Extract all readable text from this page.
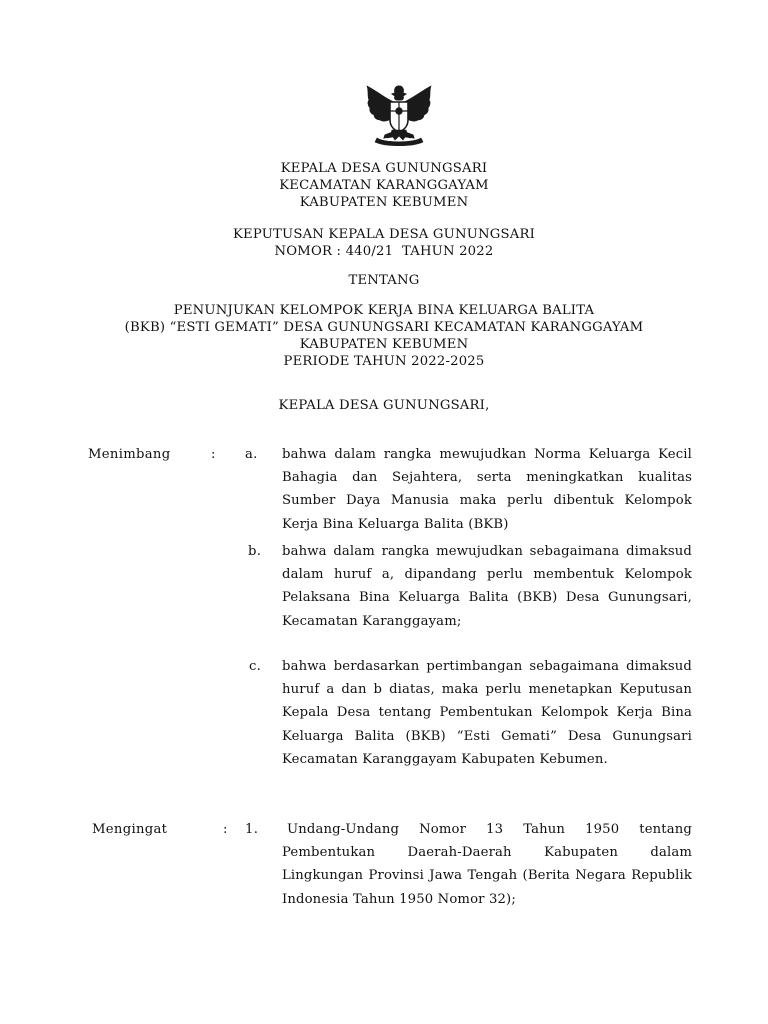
KEPALA DESA GUNUNGSARI
KECAMATAN KARANGGAYAM
KABUPATEN KEBUMEN
KEPUTUSAN KEPALA DESA GUNUNGSARI
NOMOR : 440/21  TAHUN 2022
TENTANG
PENUNJUKAN KELOMPOK KERJA BINA KELUARGA BALITA
(BKB) “ESTI GEMATI” DESA GUNUNGSARI KECAMATAN KARANGGAYAM
KABUPATEN KEBUMEN
PERIODE TAHUN 2022-2025
KEPALA DESA GUNUNGSARI,
Menimbang	: a. bahwa dalam rangka mewujudkan Norma Keluarga Kecil Bahagia dan Sejahtera, serta meningkatkan kualitas Sumber Daya Manusia maka perlu dibentuk Kelompok Kerja Bina Keluarga Balita (BKB)
b. bahwa dalam rangka mewujudkan sebagaimana dimaksud dalam huruf a, dipandang perlu membentuk Kelompok Pelaksana Bina Keluarga Balita (BKB) Desa Gunungsari, Kecamatan Karanggayam;
c. bahwa berdasarkan pertimbangan sebagaimana dimaksud huruf a dan b diatas, maka perlu menetapkan Keputusan Kepala Desa tentang Pembentukan Kelompok Kerja Bina Keluarga Balita (BKB) “Esti Gemati” Desa Gunungsari Kecamatan Karanggayam Kabupaten Kebumen.
Mengingat	: 1.	Undang-Undang Nomor 13 Tahun 1950 tentang Pembentukan Daerah-Daerah Kabupaten dalam Lingkungan Provinsi Jawa Tengah (Berita Negara Republik Indonesia Tahun 1950 Nomor 32);
